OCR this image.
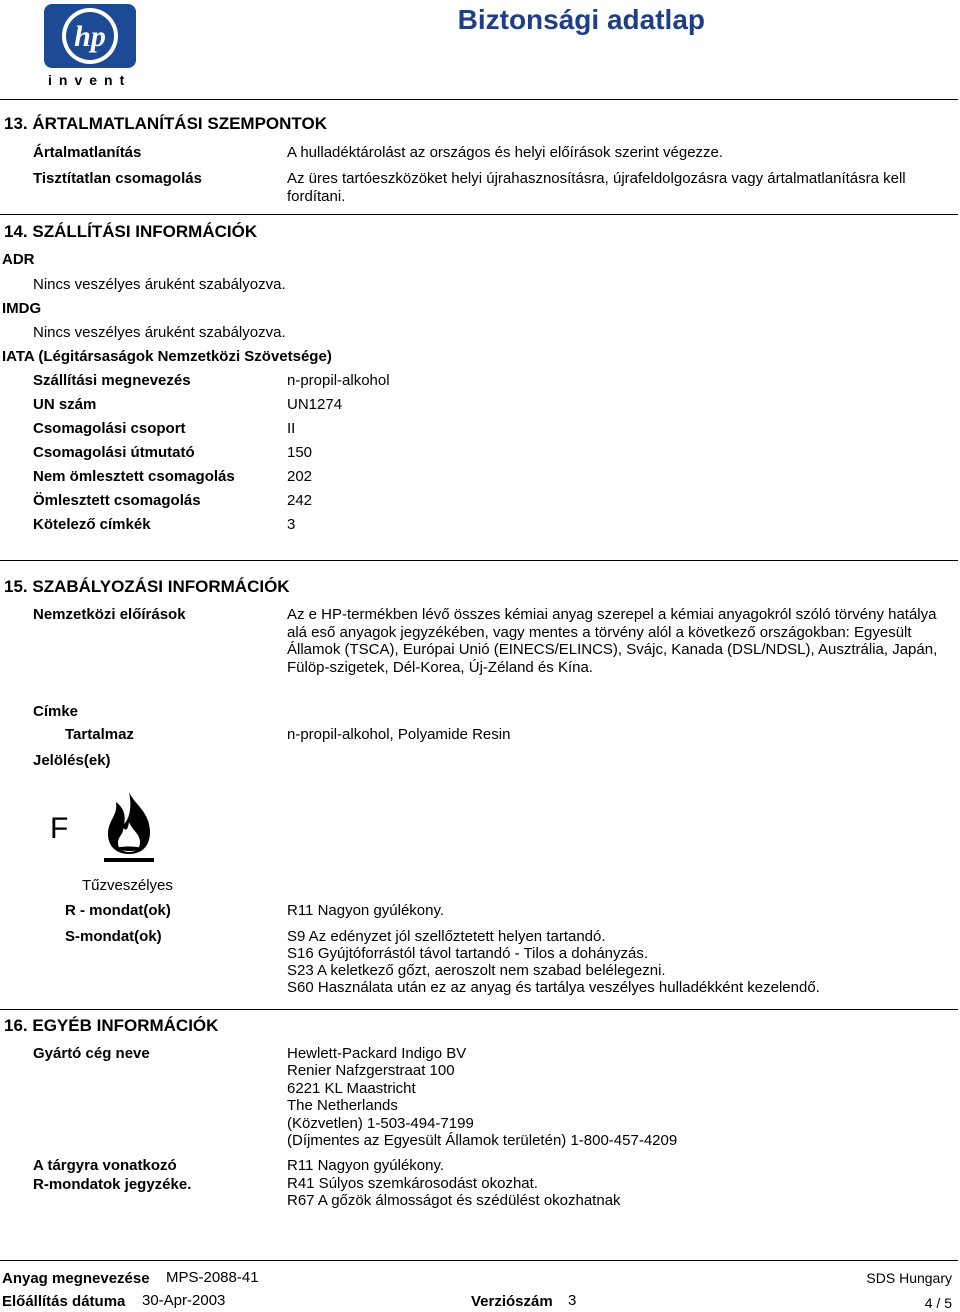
hp
invent
Biztonsági adatlap
13. ÁRTALMATLANÍTÁSI SZEMPONTOK
Ártalmatlanítás	A hulladéktárolást az országos és helyi előírások szerint végezze.
Tisztítatlan csomagolás	Az üres tartóeszközöket helyi újrahasznosításra, újrafeldolgozásra vagy ártalmatlanításra kell fordítani.
14. SZÁLLÍTÁSI INFORMÁCIÓK
ADR
Nincs veszélyes áruként szabályozva.
IMDG
Nincs veszélyes áruként szabályozva.
IATA (Légitársaságok Nemzetközi Szövetsége)
Szállítási megnevezés	n-propil-alkohol
UN szám	UN1274
Csomagolási csoport	II
Csomagolási útmutató	150
Nem ömlesztett csomagolás	202
Ömlesztett csomagolás	242
Kötelező címkék	3
15. SZABÁLYOZÁSI INFORMÁCIÓK
Nemzetközi előírások	Az e HP-termékben lévő összes kémiai anyag szerepel a kémiai anyagokról szóló törvény hatálya alá eső anyagok jegyzékében, vagy mentes a törvény alól a következő országokban: Egyesült Államok (TSCA), Európai Unió (EINECS/ELINCS), Svájc, Kanada (DSL/NDSL), Ausztrália, Japán, Fülöp-szigetek, Dél-Korea, Új-Zéland és Kína.
Címke
Tartalmaz	n-propil-alkohol, Polyamide Resin
Jelölés(ek)
F
Tűzveszélyes
R - mondat(ok)	R11 Nagyon gyúlékony.
S-mondat(ok)	S9 Az edényzet jól szellőztetett helyen tartandó.
S16 Gyújtóforrástól távol tartandó - Tilos a dohányzás.
S23 A keletkező gőzt, aeroszolt nem szabad belélegezni.
S60 Használata után ez az anyag és tartálya veszélyes hulladékként kezelendő.
16. EGYÉB INFORMÁCIÓK
Gyártó cég neve	Hewlett-Packard Indigo BV
Renier Nafzgerstraat 100
6221 KL Maastricht
The Netherlands
(Közvetlen) 1-503-494-7199
(Díjmentes az Egyesült Államok területén) 1-800-457-4209
A tárgyra vonatkozó
R-mondatok jegyzéke.
R11 Nagyon gyúlékony.
R41 Súlyos szemkárosodást okozhat.
R67 A gőzök álmosságot és szédülést okozhatnak
Anyag megnevezése MPS-2088-41
Előállítás dátuma 30-Apr-2003	Verziószám 3
SDS Hungary
4 / 5
